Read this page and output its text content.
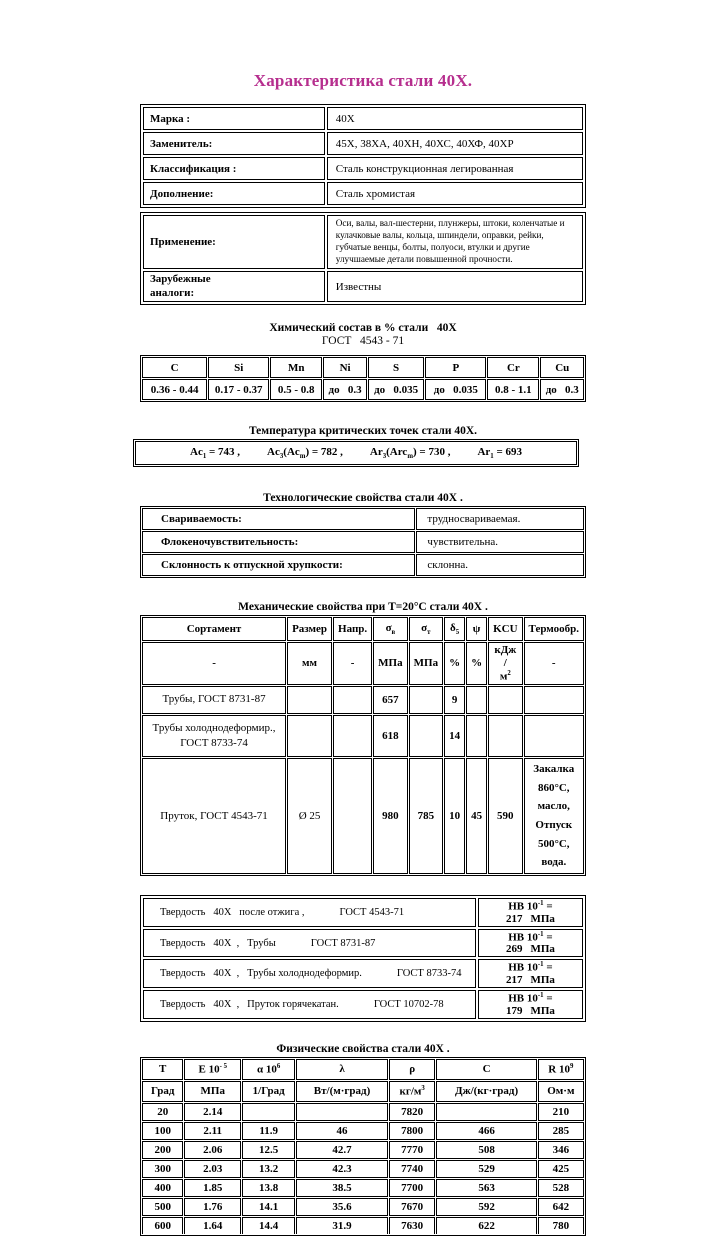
Характеристика стали 40Х.
Марка :	40Х
Заменитель:	45Х, 38ХА, 40ХН, 40ХС, 40ХФ, 40ХР
Классификация :	Сталь конструкционная легированная
Дополнение:	Сталь хромистая
Применение:	Оси, валы, вал-шестерни, плунжеры, штоки, коленчатые и кулачковые валы, кольца, шпиндели, оправки, рейки, губчатые венцы, болты, полуоси, втулки и другие улучшаемые детали повышенной прочности.
Зарубежные
аналоги:	Известны
Химический состав в % стали   40Х
ГОСТ   4543 - 71
C	Si	Mn	Ni	S	P	Cr	Cu
0.36 - 0.44	0.17 - 0.37	0.5 - 0.8	до   0.3	до   0.035	до   0.035	0.8 - 1.1	до   0.3
Температура критических точек стали 40Х.
$Ac_1 = 743$ , $Ac_3(Ac_m) = 782$ , $Ar_3(Arc_m) = 730$ , $Ar_1 = 693$
Технологические свойства стали 40Х .
Свариваемость:	трудносвариваемая.
Флокеночувствительность:	чувствительна.
Склонность к отпускной хрупкости:	склонна.
Механические свойства при Т=20°С стали 40Х .
Сортамент	Размер	Напр.	$\sigma_в$	$\sigma_т$	$\delta_5$	ψ	KCU	Термообр.
-	мм	-	МПа	МПа	%	%	кДж /
$м^2$	-
Трубы, ГОСТ 8731-87			657		9			
Трубы холоднодеформир., ГОСТ 8733-74			618		14			
Пруток, ГОСТ 4543-71	Ø 25		980	785	10	45	590	Закалка 860°С, масло, Отпуск 500°С, вода.
Твердость   40Х   после отжига , ГОСТ 4543-71	HB $10^{-1} = 217$ МПа
Твердость   40Х  ,   Трубы ГОСТ 8731-87	HB $10^{-1} = 269$ МПа
Твердость   40Х  ,   Трубы холоднодеформир. ГОСТ 8733-74	HB $10^{-1} = 217$ МПа
Твердость   40Х  ,   Пруток горячекатан. ГОСТ 10702-78	HB $10^{-1} = 179$ МПа
Физические свойства стали 40Х .
T	E $10^{- 5}$	α $10^6$	λ	ρ	C	R $10^9$
Град	МПа	1/Град	Вт/(м·град)	$кг/м^3$	Дж/(кг·град)	Ом·м
20	2.14			7820		210
100	2.11	11.9	46	7800	466	285
200	2.06	12.5	42.7	7770	508	346
300	2.03	13.2	42.3	7740	529	425
400	1.85	13.8	38.5	7700	563	528
500	1.76	14.1	35.6	7670	592	642
600	1.64	14.4	31.9	7630	622	780
